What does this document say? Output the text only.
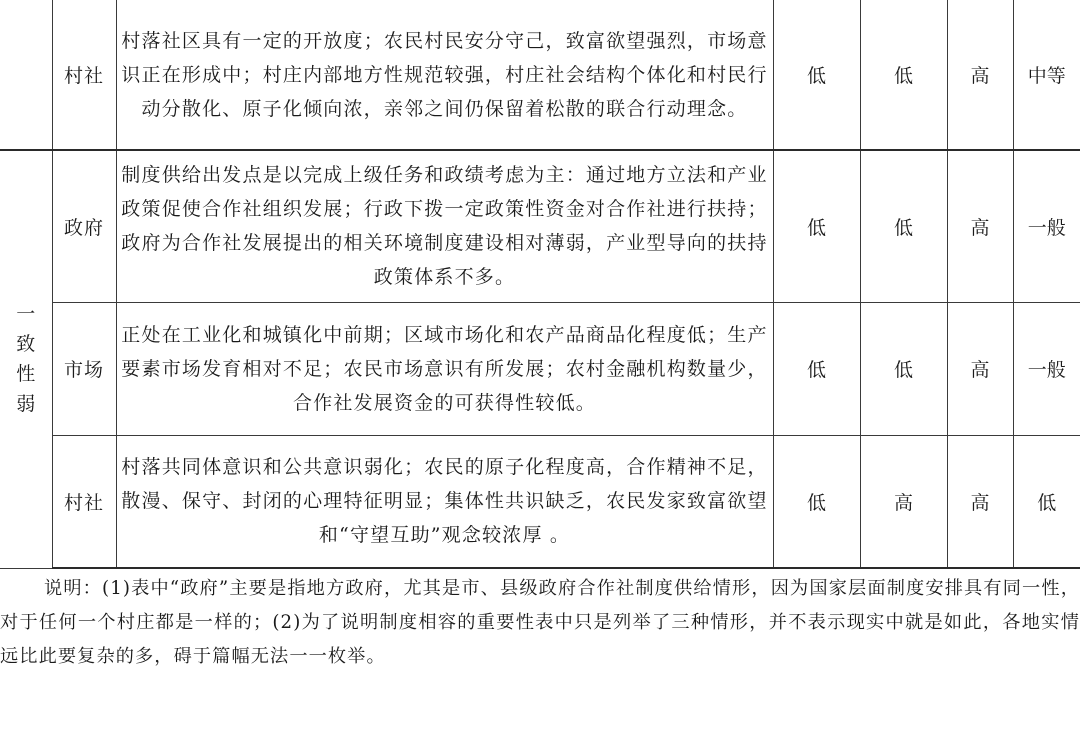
	村社	村落社区具有一定的开放度；农民村民安分守己，致富欲望强烈，市场意识正在形成中；村庄内部地方性规范较强，村庄社会结构个体化和村民行动分散化、原子化倾向浓，亲邻之间仍保留着松散的联合行动理念。	低	低	高	中等
一致性弱	政府	制度供给出发点是以完成上级任务和政绩考虑为主：通过地方立法和产业政策促使合作社组织发展；行政下拨一定政策性资金对合作社进行扶持；政府为合作社发展提出的相关环境制度建设相对薄弱，产业型导向的扶持政策体系不多。	低	低	高	一般
	市场	正处在工业化和城镇化中前期；区域市场化和农产品商品化程度低；生产要素市场发育相对不足；农民市场意识有所发展；农村金融机构数量少，合作社发展资金的可获得性较低。	低	低	高	一般
	村社	村落共同体意识和公共意识弱化；农民的原子化程度高，合作精神不足，散漫、保守、封闭的心理特征明显；集体性共识缺乏，农民发家致富欲望和“守望互助”观念较浓厚 。	低	高	高	低

说明：(1)表中“政府”主要是指地方政府，尤其是市、县级政府合作社制度供给情形，因为国家层面制度安排具有同一性，对于任何一个村庄都是一样的；(2)为了说明制度相容的重要性表中只是列举了三种情形，并不表示现实中就是如此，各地实情远比此要复杂的多，碍于篇幅无法一一枚举。
